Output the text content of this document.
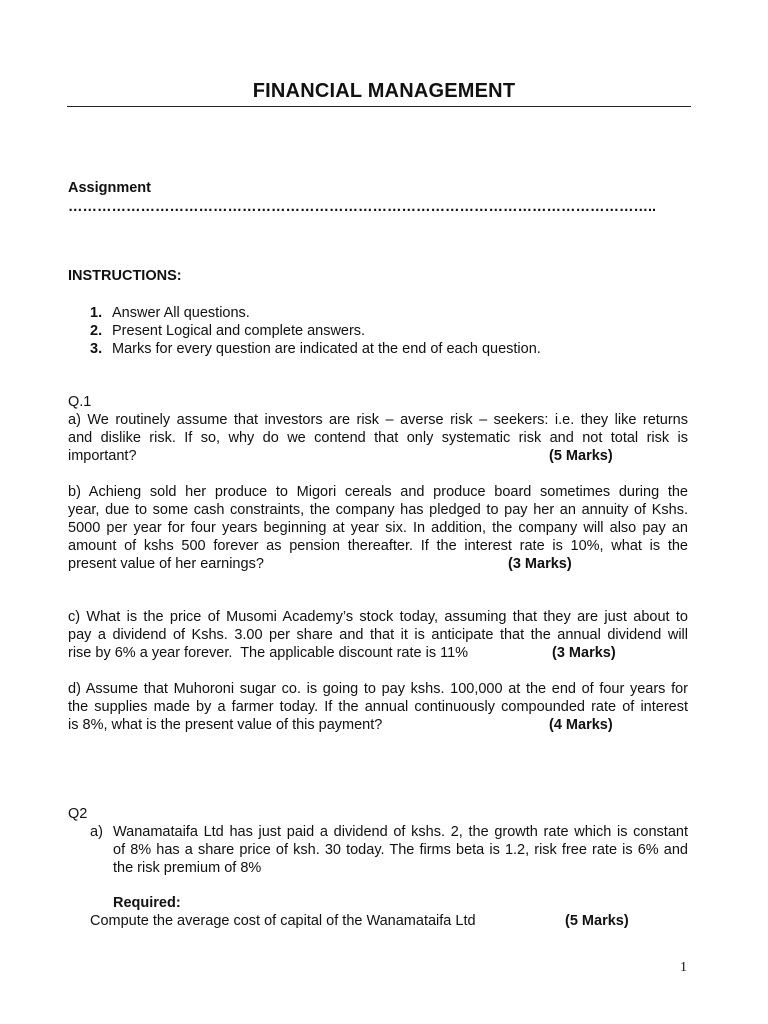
FINANCIAL MANAGEMENT
Assignment
…………………………………………………………………………………………………………..
INSTRUCTIONS:
1. Answer All questions.
2. Present Logical and complete answers.
3. Marks for every question are indicated at the end of each question.
Q.1
a) We routinely assume that investors are risk – averse risk – seekers: i.e. they like returns
and dislike risk. If so, why do we contend that only systematic risk and not total risk is
important?	(5 Marks)
b) Achieng sold her produce to Migori cereals and produce board sometimes during the
year, due to some cash constraints, the company has pledged to pay her an annuity of Kshs.
5000 per year for four years beginning at year six. In addition, the company will also pay an
amount of kshs 500 forever as pension thereafter. If the interest rate is 10%, what is the
present value of her earnings?	(3 Marks)
c) What is the price of Musomi Academy’s stock today, assuming that they are just about to
pay a dividend of Kshs. 3.00 per share and that it is anticipate that the annual dividend will
rise by 6% a year forever.  The applicable discount rate is 11%	(3 Marks)
d) Assume that Muhoroni sugar co. is going to pay kshs. 100,000 at the end of four years for
the supplies made by a farmer today. If the annual continuously compounded rate of interest
is 8%, what is the present value of this payment?	(4 Marks)
Q2
a) Wanamataifa Ltd has just paid a dividend of kshs. 2, the growth rate which is constant
of 8% has a share price of ksh. 30 today. The firms beta is 1.2, risk free rate is 6% and
the risk premium of 8%
Required:
Compute the average cost of capital of the Wanamataifa Ltd	(5 Marks)
1
